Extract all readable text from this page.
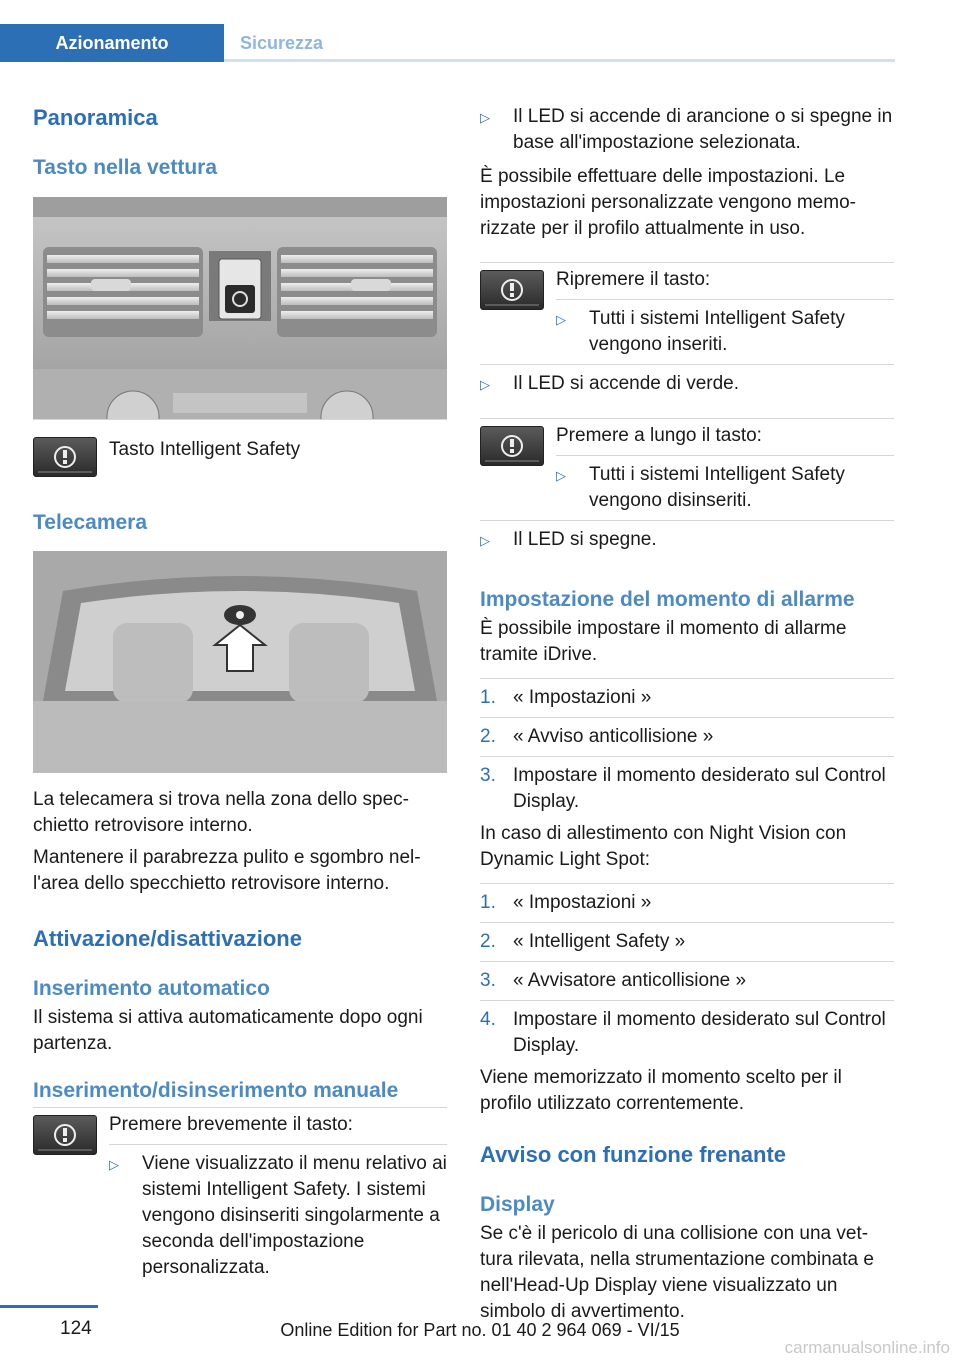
Azionamento	Sicurezza
Panoramica
Tasto nella vettura

Tasto Intelligent Safety

Telecamera

La telecamera si trova nella zona dello specchietto retrovisore interno.

Mantenere il parabrezza pulito e sgombro nell'area dello specchietto retrovisore interno.

Attivazione/disattivazione
Inserimento automatico

Il sistema si attiva automaticamente dopo ogni partenza.

Inserimento/disinserimento manuale

Premere brevemente il tasto:

▷	Viene visualizzato il menu relativo ai sistemi Intelligent Safety. I sistemi vengono disinseriti singolarmente a seconda dell'impostazione personalizzata.
▷	Il LED si accende di arancione o si spegne in base all'impostazione selezionata.

È possibile effettuare delle impostazioni. Le impostazioni personalizzate vengono memorizzate per il profilo attualmente in uso.

Ripremere il tasto:

▷	Tutti i sistemi Intelligent Safety vengono inseriti.
▷	Il LED si accende di verde.

Premere a lungo il tasto:

▷	Tutti i sistemi Intelligent Safety vengono disinseriti.
▷	Il LED si spegne.
Impostazione del momento di allarme

È possibile impostare il momento di allarme tramite iDrive.

1. « Impostazioni »
2. « Avviso anticollisione »
3. Impostare il momento desiderato sul Control Display.

In caso di allestimento con Night Vision con Dynamic Light Spot:

1. « Impostazioni »
2. « Intelligent Safety »
3. « Avvisatore anticollisione »
4. Impostare il momento desiderato sul Control Display.

Viene memorizzato il momento scelto per il profilo utilizzato correntemente.

Avviso con funzione frenante
Display

Se c'è il pericolo di una collisione con una vettura rilevata, nella strumentazione combinata e nell'Head-Up Display viene visualizzato un simbolo di avvertimento.

124	Online Edition for Part no. 01 40 2 964 069 - VI/15
carmanualsonline.info
